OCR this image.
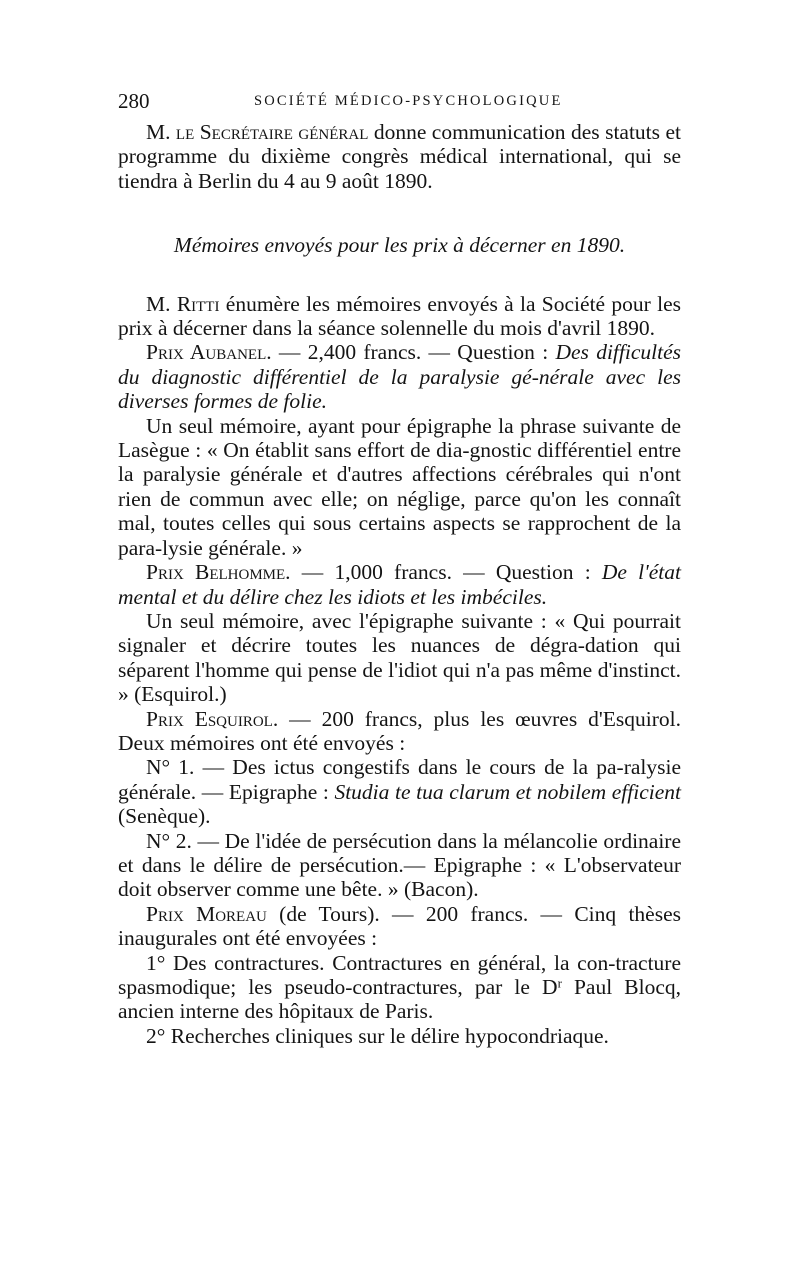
280	SOCIÉTÉ MÉDICO-PSYCHOLOGIQUE

M. le Secrétaire général donne communication des statuts et programme du dixième congrès médical international, qui se tiendra à Berlin du 4 au 9 août 1890.

Mémoires envoyés pour les prix à décerner en 1890.

M. Ritti énumère les mémoires envoyés à la Société pour les prix à décerner dans la séance solennelle du mois d'avril 1890.

Prix Aubanel. — 2,400 francs. — Question : Des difficultés du diagnostic différentiel de la paralysie gé-nérale avec les diverses formes de folie.

Un seul mémoire, ayant pour épigraphe la phrase suivante de Lasègue : « On établit sans effort de dia-gnostic différentiel entre la paralysie générale et d'autres affections cérébrales qui n'ont rien de commun avec elle; on néglige, parce qu'on les connaît mal, toutes celles qui sous certains aspects se rapprochent de la para-lysie générale. »

Prix Belhomme. — 1,000 francs. — Question : De l'état mental et du délire chez les idiots et les imbéciles.

Un seul mémoire, avec l'épigraphe suivante : « Qui pourrait signaler et décrire toutes les nuances de dégra-dation qui séparent l'homme qui pense de l'idiot qui n'a pas même d'instinct. » (Esquirol.)

Prix Esquirol. — 200 francs, plus les œuvres d'Esquirol. Deux mémoires ont été envoyés :

N° 1. — Des ictus congestifs dans le cours de la pa-ralysie générale. — Epigraphe : Studia te tua clarum et nobilem efficient (Senèque).

N° 2. — De l'idée de persécution dans la mélancolie ordinaire et dans le délire de persécution.— Epigraphe : « L'observateur doit observer comme une bête. » (Bacon).

Prix Moreau (de Tours). — 200 francs. — Cinq thèses inaugurales ont été envoyées :

1° Des contractures. Contractures en général, la con-tracture spasmodique; les pseudo-contractures, par le $D^r$ Paul Blocq, ancien interne des hôpitaux de Paris.

2° Recherches cliniques sur le délire hypocondriaque.
